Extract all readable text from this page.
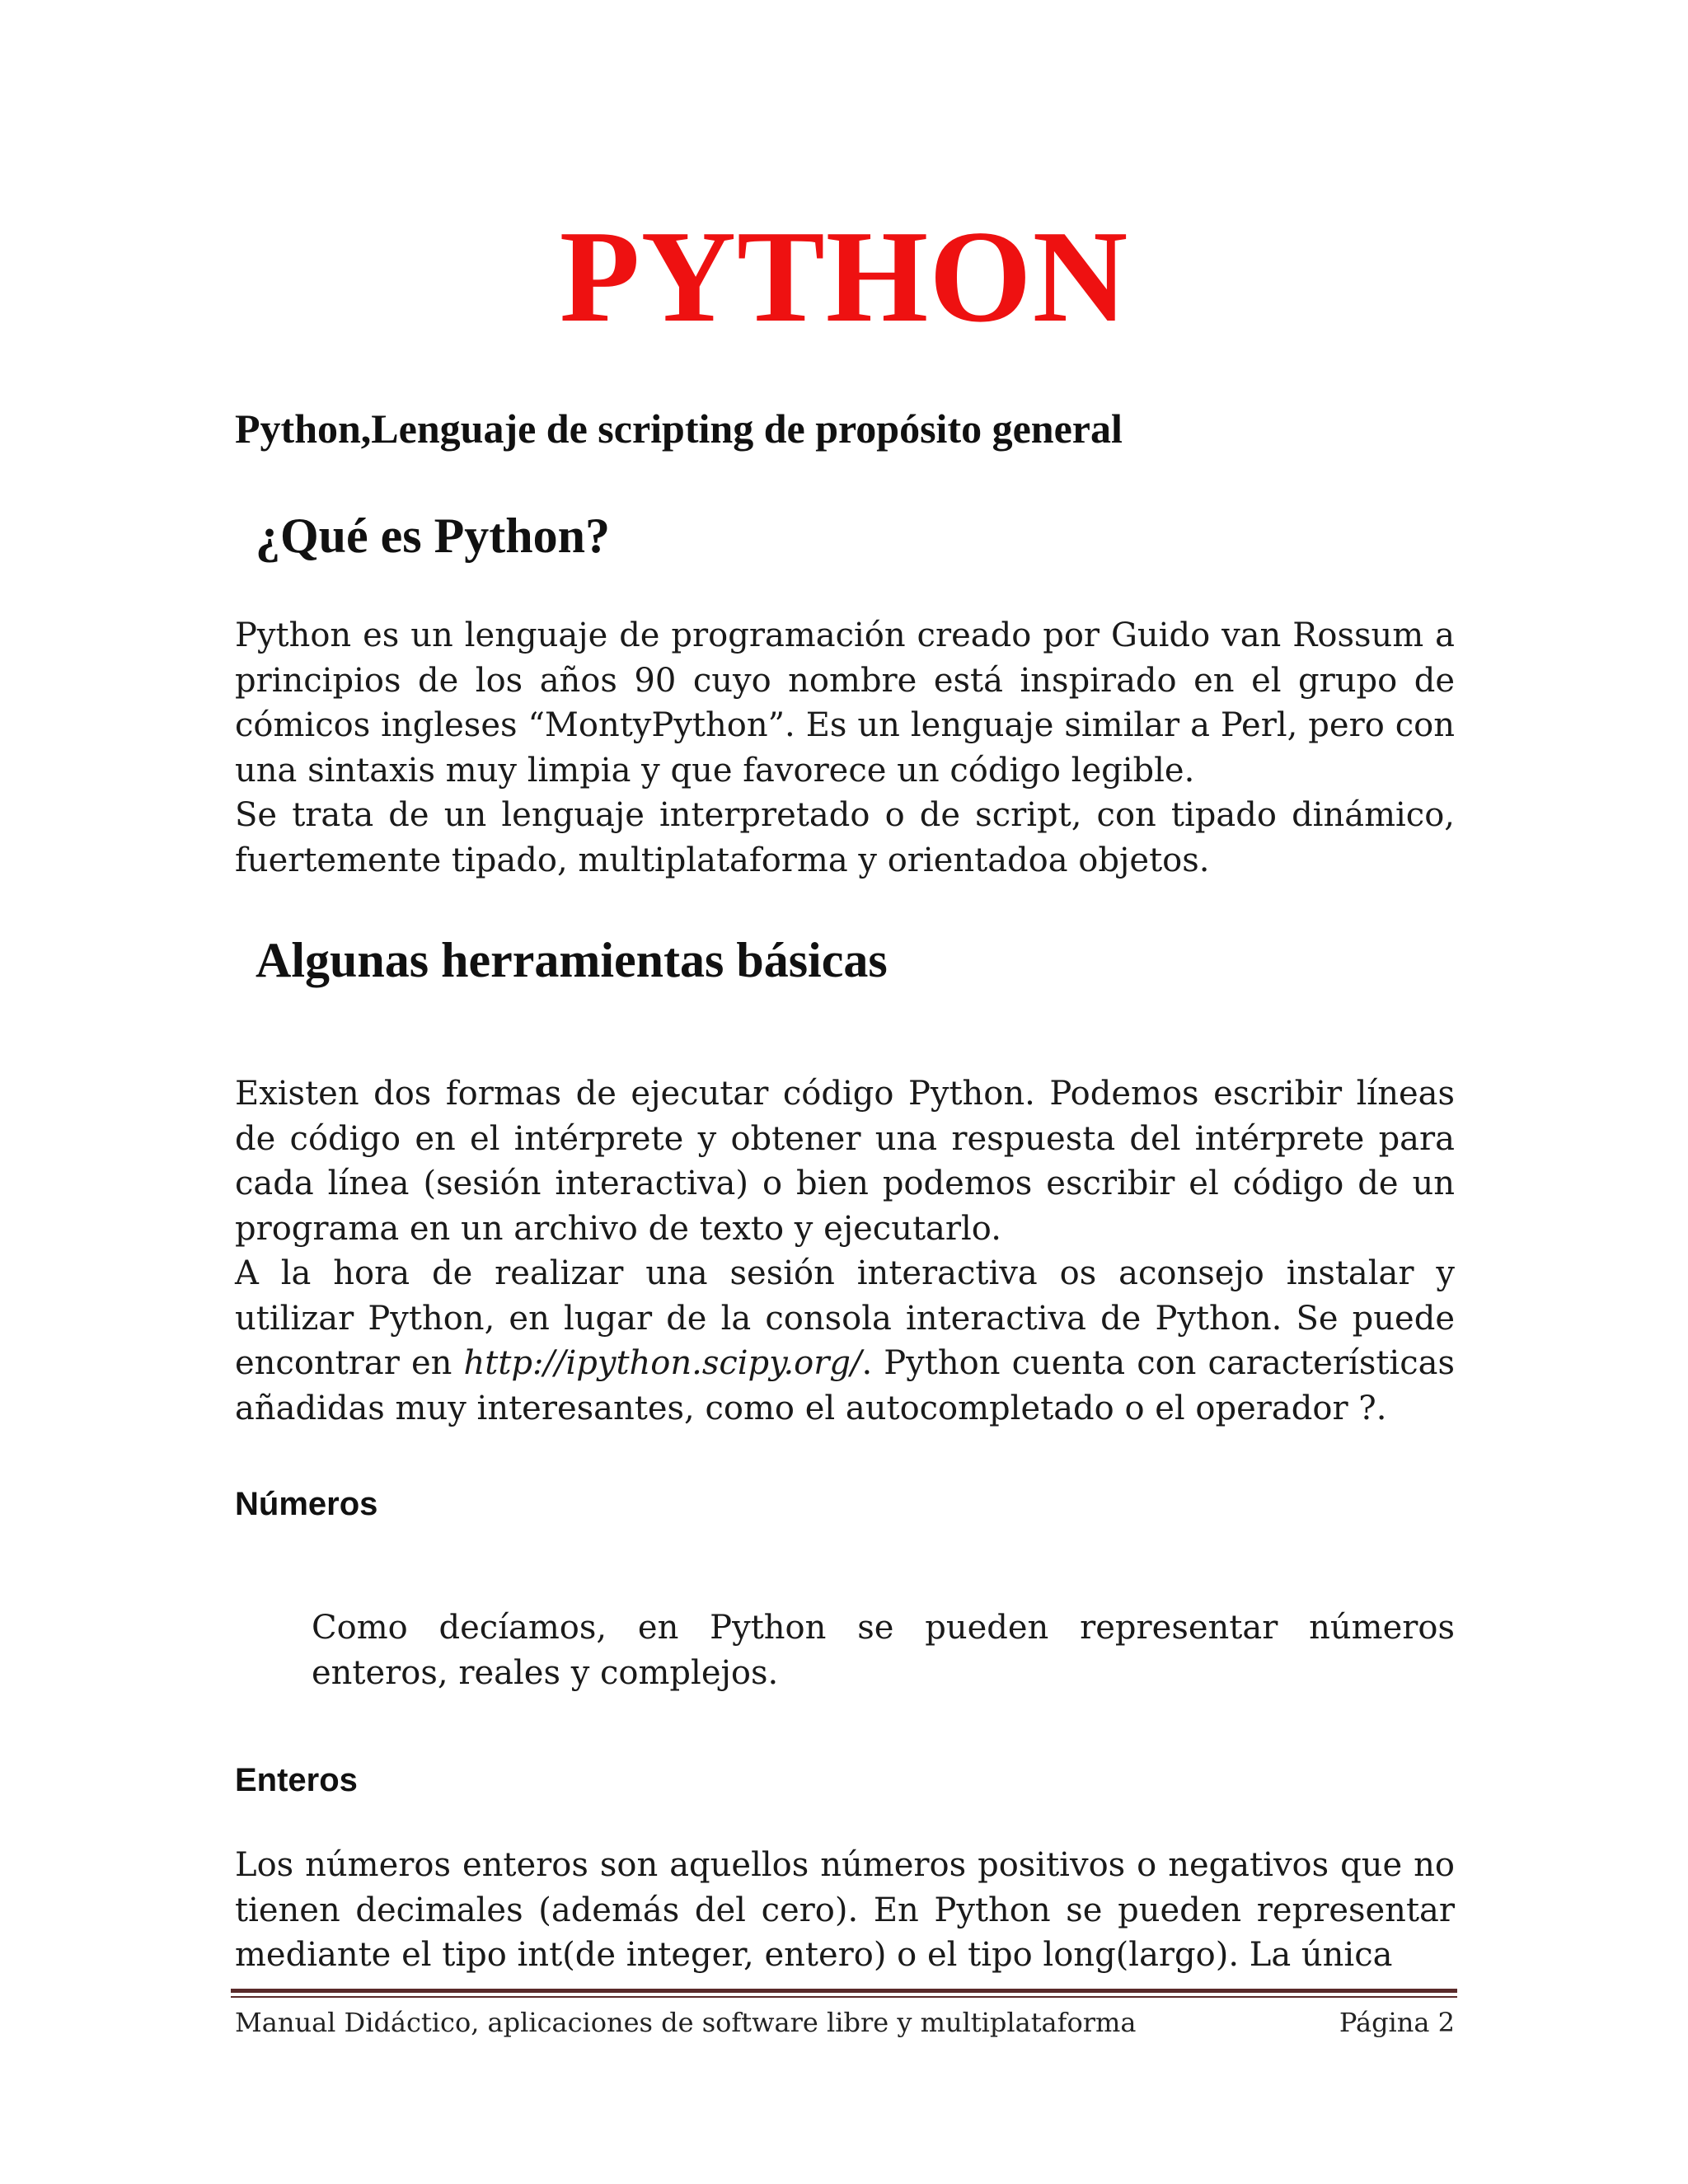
PYTHON
Python,Lenguaje de scripting de propósito general
¿Qué es Python?

Python es un lenguaje de programación creado por Guido van Rossum a principios de los años 90 cuyo nombre está inspirado en el grupo de cómicos ingleses “MontyPython”. Es un lenguaje similar a Perl, pero con una sintaxis muy limpia y que favorece un código legible.

Se trata de un lenguaje interpretado o de script, con tipado dinámico, fuertemente tipado, multiplataforma y orientadoa objetos.

Algunas herramientas básicas

Existen dos formas de ejecutar código Python. Podemos escribir líneas de código en el intérprete y obtener una respuesta del intérprete para cada línea (sesión interactiva) o bien podemos escribir el código de un programa en un archivo de texto y ejecutarlo.

A la hora de realizar una sesión interactiva os aconsejo instalar y utilizar Python, en lugar de la consola interactiva de Python. Se puede encontrar en http://ipython.scipy.org/. Python cuenta con características añadidas muy interesantes, como el autocompletado o el operador ?.

Números

Como decíamos, en Python se pueden representar números enteros, reales y complejos.

Enteros

Los números enteros son aquellos números positivos o negativos que no tienen decimales (además del cero). En Python se pueden representar mediante el tipo int(de integer, entero) o el tipo long(largo). La única

Manual Didáctico, aplicaciones de software libre y multiplataforma	Página 2
